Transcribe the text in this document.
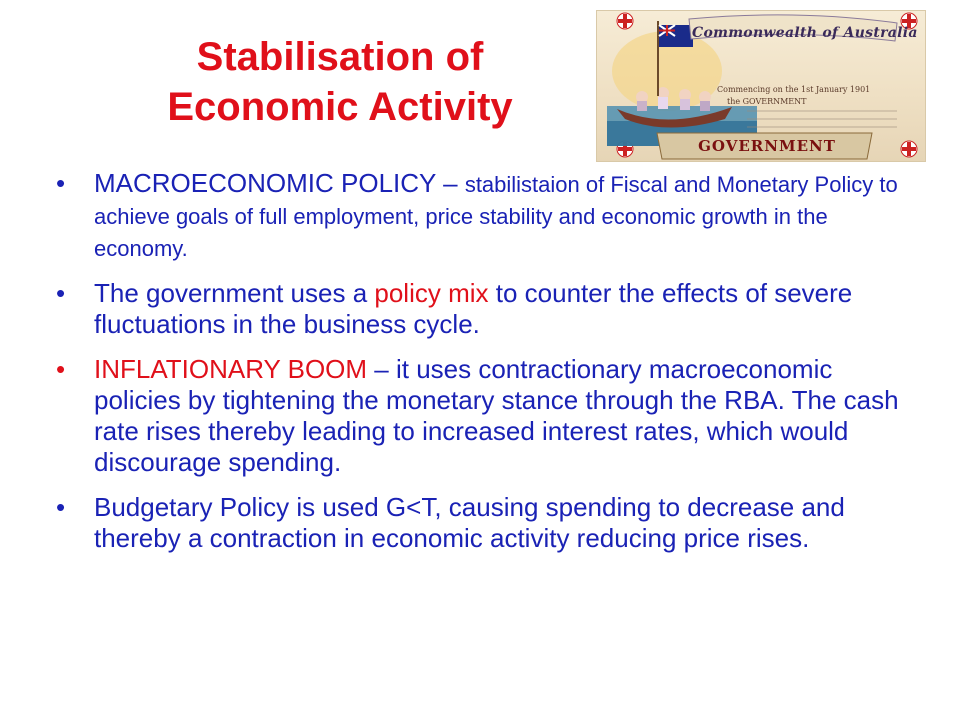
Stabilisation of
Economic Activity
Commonwealth of Australia
Commencing on the 1st January 1901
the GOVERNMENT
GOVERNMENT
• MACROECONOMIC POLICY – stabilistaion of Fiscal and Monetary Policy to achieve goals of full employment, price stability and economic growth in the economy.
• The government uses a policy mix to counter the effects of severe fluctuations in the business cycle.
• INFLATIONARY BOOM – it uses contractionary macroeconomic policies by tightening the monetary stance through the RBA. The cash rate rises thereby leading to increased interest rates, which would discourage spending.
• Budgetary Policy is used G<T, causing spending to decrease and thereby a contraction in economic activity reducing price rises.
